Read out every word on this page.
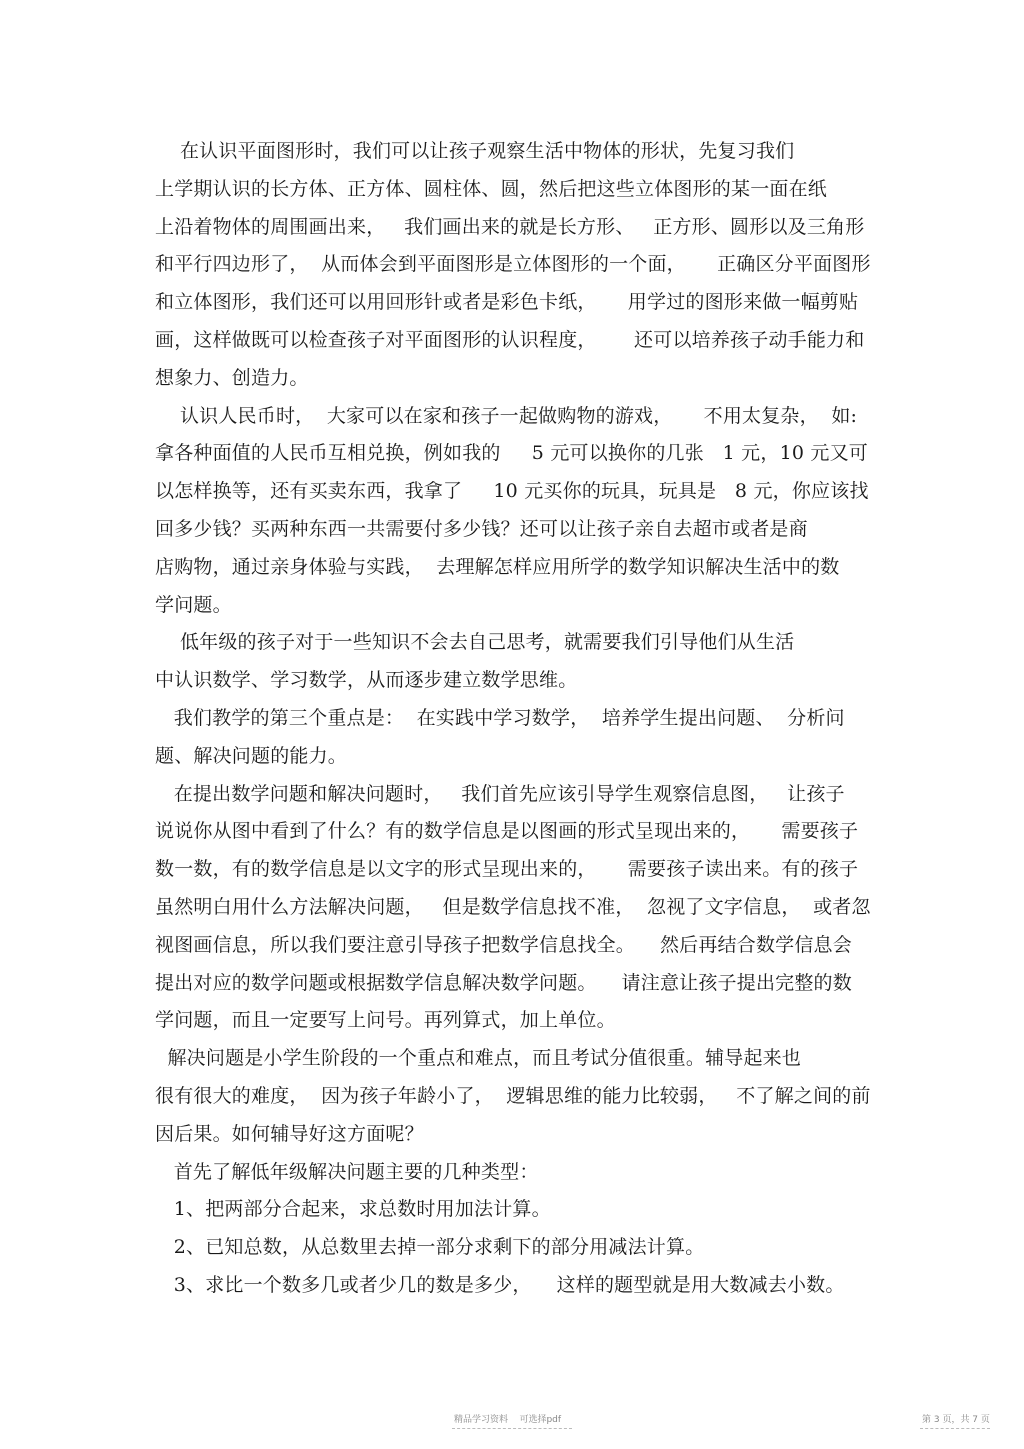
在认识平面图形时，我们可以让孩子观察生活中物体的形状，先复习我们
上学期认识的长方体、正方体、圆柱体、圆，然后把这些立体图形的某一面在纸
上沿着物体的周围画出来，   我们画出来的就是长方形、   正方形、圆形以及三角形
和平行四边形了，  从而体会到平面图形是立体图形的一个面，     正确区分平面图形
和立体图形，我们还可以用回形针或者是彩色卡纸，     用学过的图形来做一幅剪贴
画，这样做既可以检查孩子对平面图形的认识程度，      还可以培养孩子动手能力和
想象力、创造力。
认识人民币时，  大家可以在家和孩子一起做购物的游戏，     不用太复杂，  如:
拿各种面值的人民币互相兑换，例如我的     5 元可以换你的几张   1 元，10 元又可
以怎样换等，还有买卖东西，我拿了     10 元买你的玩具，玩具是   8 元，你应该找
回多少钱？买两种东西一共需要付多少钱？还可以让孩子亲自去超市或者是商
店购物，通过亲身体验与实践，  去理解怎样应用所学的数学知识解决生活中的数
学问题。
低年级的孩子对于一些知识不会去自己思考，就需要我们引导他们从生活
中认识数学、学习数学，从而逐步建立数学思维。
我们教学的第三个重点是：  在实践中学习数学，  培养学生提出问题、  分析问
题、解决问题的能力。
在提出数学问题和解决问题时，   我们首先应该引导学生观察信息图，   让孩子
说说你从图中看到了什么？有的数学信息是以图画的形式呈现出来的，     需要孩子
数一数，有的数学信息是以文字的形式呈现出来的，     需要孩子读出来。有的孩子
虽然明白用什么方法解决问题，   但是数学信息找不准，  忽视了文字信息，  或者忽
视图画信息，所以我们要注意引导孩子把数学信息找全。    然后再结合数学信息会
提出对应的数学问题或根据数学信息解决数学问题。    请注意让孩子提出完整的数
学问题，而且一定要写上问号。再列算式，加上单位。
解决问题是小学生阶段的一个重点和难点，而且考试分值很重。辅导起来也
很有很大的难度，  因为孩子年龄小了，  逻辑思维的能力比较弱，   不了解之间的前
因后果。如何辅导好这方面呢？
首先了解低年级解决问题主要的几种类型：
1、把两部分合起来，求总数时用加法计算。
2、已知总数，从总数里去掉一部分求剩下的部分用减法计算。
3、求比一个数多几或者少几的数是多少，    这样的题型就是用大数减去小数。
精品学习资料    可选择pdf	第 3 页，共 7 页
